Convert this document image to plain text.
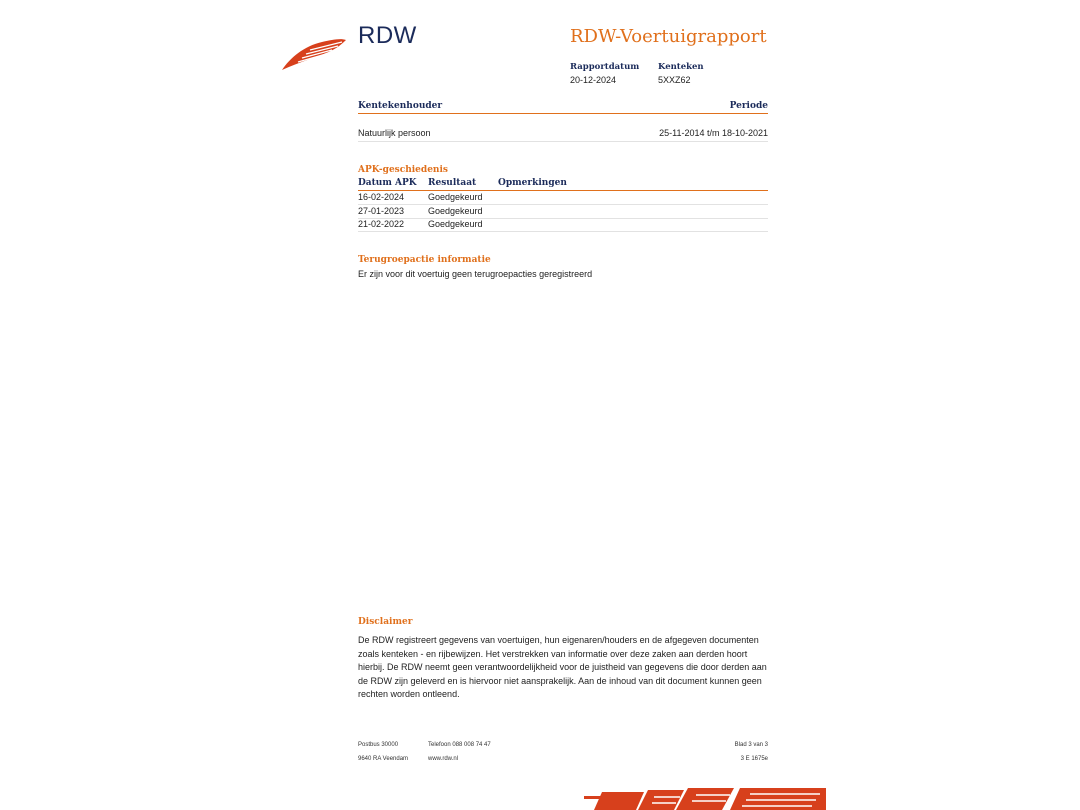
RDW	RDW-Voertuigrapport
Rapportdatum
20-12-2024
Kenteken
5XXZ62
Kentekenhouder	Periode
Natuurlijk persoon	25-11-2014 t/m 18-10-2021
APK-geschiedenis
Datum APK Resultaat Opmerkingen
16-02-2024	Goedgekeurd
27-01-2023	Goedgekeurd
21-02-2022	Goedgekeurd
Terugroepactie informatie
Er zijn voor dit voertuig geen terugroepacties geregistreerd
Disclaimer
De RDW registreert gegevens van voertuigen, hun eigenaren/houders en de afgegeven documenten zoals kenteken - en rijbewijzen. Het verstrekken van informatie over deze zaken aan derden hoort hierbij. De RDW neemt geen verantwoordelijkheid voor de juistheid van gegevens die door derden aan de RDW zijn geleverd en is hiervoor niet aansprakelijk. Aan de inhoud van dit document kunnen geen rechten worden ontleend.
Postbus 30000
9640 RA Veendam
Telefoon 088 008 74 47
www.rdw.nl
Blad 3 van 3
3 E 1675e
